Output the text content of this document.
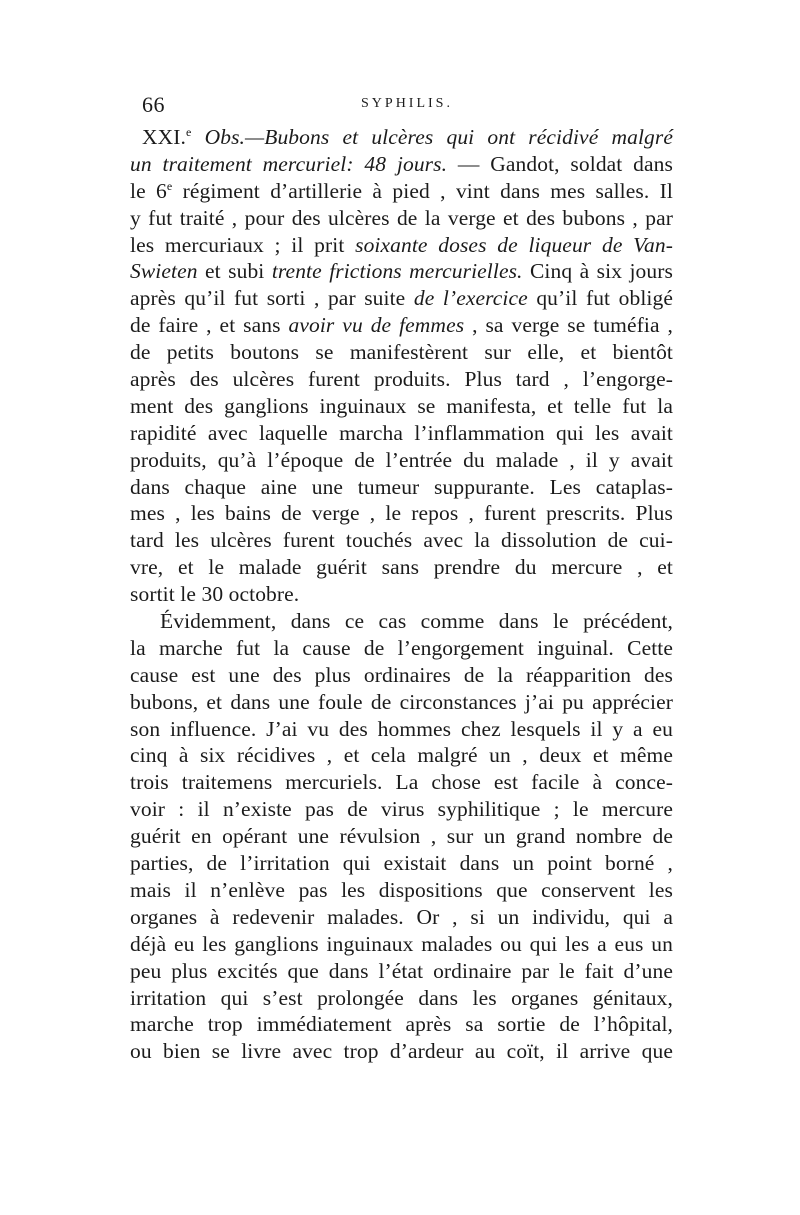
66	SYPHILIS.
XXI.$^e$ Obs.—Bubons et ulcères qui ont récidivé malgré
un traitement mercuriel: 48 jours. — Gandot, soldat dans
le 6e régiment d’artillerie à pied , vint dans mes salles. Il
y fut traité , pour des ulcères de la verge et des bubons , par
les mercuriaux ; il prit soixante doses de liqueur de Van-
Swieten et subi trente frictions mercurielles. Cinq à six jours
après qu’il fut sorti , par suite de l’exercice qu’il fut obligé
de faire , et sans avoir vu de femmes , sa verge se tuméfia ,
de petits boutons se manifestèrent sur elle, et bientôt
après des ulcères furent produits. Plus tard , l’engorge-
ment des ganglions inguinaux se manifesta, et telle fut la
rapidité avec laquelle marcha l’inflammation qui les avait
produits, qu’à l’époque de l’entrée du malade , il y avait
dans chaque aine une tumeur suppurante. Les cataplas-
mes , les bains de verge , le repos , furent prescrits. Plus
tard les ulcères furent touchés avec la dissolution de cui-
vre, et le malade guérit sans prendre du mercure , et
sortit le 30 octobre.
Évidemment, dans ce cas comme dans le précédent,
la marche fut la cause de l’engorgement inguinal. Cette
cause est une des plus ordinaires de la réapparition des
bubons, et dans une foule de circonstances j’ai pu apprécier
son influence. J’ai vu des hommes chez lesquels il y a eu
cinq à six récidives , et cela malgré un , deux et même
trois traitemens mercuriels. La chose est facile à conce-
voir : il n’existe pas de virus syphilitique ; le mercure
guérit en opérant une révulsion , sur un grand nombre de
parties, de l’irritation qui existait dans un point borné ,
mais il n’enlève pas les dispositions que conservent les
organes à redevenir malades. Or , si un individu, qui a
déjà eu les ganglions inguinaux malades ou qui les a eus un
peu plus excités que dans l’état ordinaire par le fait d’une
irritation qui s’est prolongée dans les organes génitaux,
marche trop immédiatement après sa sortie de l’hôpital,
ou bien se livre avec trop d’ardeur au coït, il arrive que
